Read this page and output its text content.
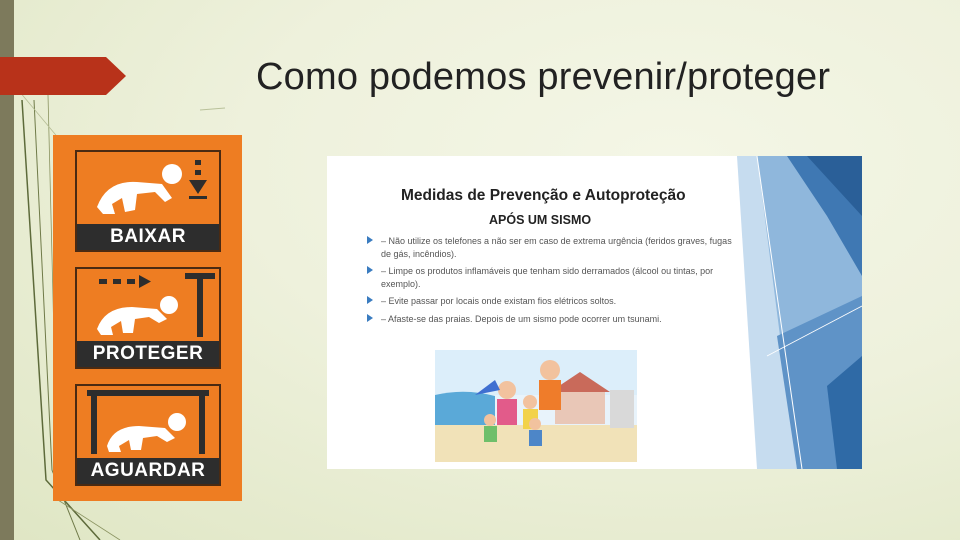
Como podemos prevenir/proteger
BAIXAR
PROTEGER
AGUARDAR
Medidas de Prevenção e Autoproteção
APÓS UM SISMO
– Não utilize os telefones a não ser em caso de extrema urgência (feridos graves, fugas de gás, incêndios).
– Limpe os produtos inflamáveis que tenham sido derramados (álcool ou tintas, por exemplo).
– Evite passar por locais onde existam fios elétricos soltos.
– Afaste-se das praias. Depois de um sismo pode ocorrer um tsunami.
